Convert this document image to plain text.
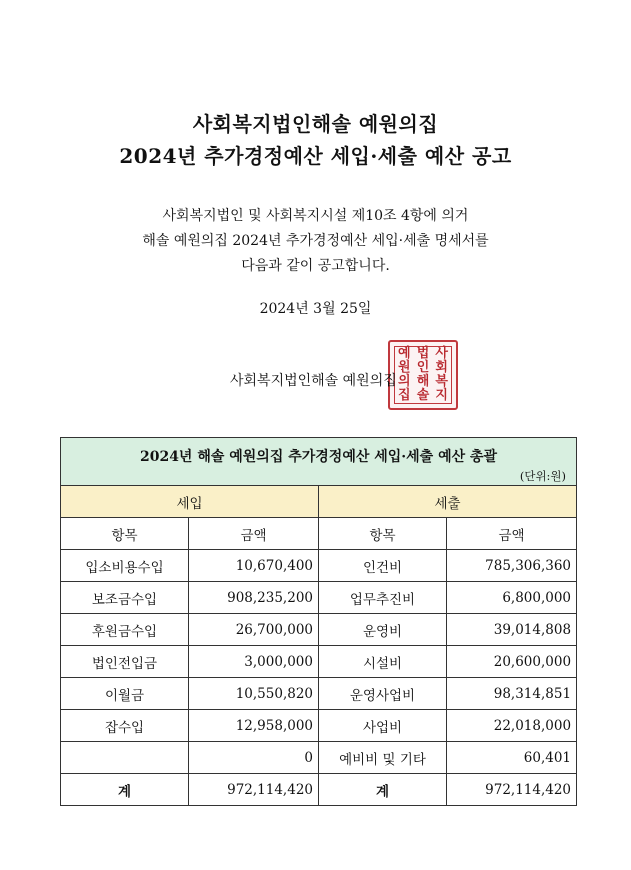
사회복지법인해솔 예원의집
2024년 추가경정예산 세입·세출 예산 공고
사회복지법인 및 사회복지시설 제10조 4항에 의거
해솔 예원의집 2024년 추가경정예산 세입·세출 명세서를
다음과 같이 공고합니다.
2024년 3월 25일
사
회
복
지
법
인
해
솔
예
원
의
집
사회복지법인해솔 예원의집
2024년 해솔 예원의집 추가경정예산 세입·세출 예산 총괄
(단위:원)			

세입		세출	
항목	금액	항목	금액
입소비용수입	10,670,400	인건비	785,306,360
보조금수입	908,235,200	업무추진비	6,800,000
후원금수입	26,700,000	운영비	39,014,808
법인전입금	3,000,000	시설비	20,600,000
이월금	10,550,820	운영사업비	98,314,851
잡수입	12,958,000	사업비	22,018,000
	0	예비비 및 기타	60,401
계	972,114,420	계	972,114,420
